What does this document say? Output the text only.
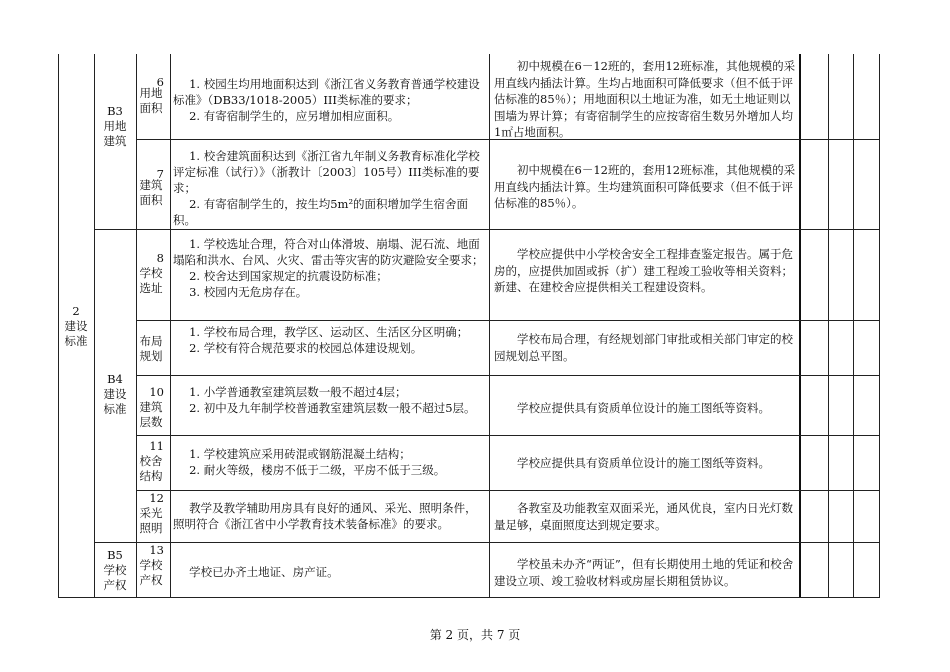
2
建设标准
B3
用地建筑
B4
建设标准
B5
学校产权
6
用地面积

1. 校园生均用地面积达到《浙江省义务教育普通学校建设标准》（DB33/1018-2005）III类标准的要求；

2. 有寄宿制学生的，应另增加相应面积。

初中规模在6－12班的，套用12班标准，其他规模的采用直线内插法计算。生均占地面积可降低要求（但不低于评估标准的85％）；用地面积以土地证为准，如无土地证则以围墙为界计算；有寄宿制学生的应按寄宿生数另外增加人均1㎡占地面积。
7
建筑面积

1. 校舍建筑面积达到《浙江省九年制义务教育标准化学校评定标准（试行）》（浙教计〔2003〕105号）III类标准的要求；

2. 有寄宿制学生的，按生均5m²的面积增加学生宿舍面积。

初中规模在6－12班的，套用12班标准，其他规模的采用直线内插法计算。生均建筑面积可降低要求（但不低于评估标准的85％）。
8
学校选址

1. 学校选址合理，符合对山体滑坡、崩塌、泥石流、地面塌陷和洪水、台风、火灾、雷击等灾害的防灾避险安全要求；

2. 校舍达到国家规定的抗震设防标准；

3. 校园内无危房存在。

学校应提供中小学校舍安全工程排查鉴定报告。属于危房的，应提供加固或拆（扩）建工程竣工验收等相关资料；新建、在建校舍应提供相关工程建设资料。
布局规划

1. 学校布局合理，教学区、运动区、生活区分区明确；

2. 学校有符合规范要求的校园总体建设规划。

学校布局合理，有经规划部门审批或相关部门审定的校园规划总平图。
10
建筑层数

1. 小学普通教室建筑层数一般不超过4层；

2. 初中及九年制学校普通教室建筑层数一般不超过5层。	学校应提供具有资质单位设计的施工图纸等资料。
11
校舍结构

1. 学校建筑应采用砖混或钢筋混凝土结构；

2. 耐火等级，楼房不低于二级，平房不低于三级。	学校应提供具有资质单位设计的施工图纸等资料。
12
采光照明

教学及教学辅助用房具有良好的通风、采光、照明条件，照明符合《浙江省中小学教育技术装备标准》的要求。

各教室及功能教室双面采光，通风优良，室内日光灯数量足够，桌面照度达到规定要求。
13
学校产权

学校已办齐土地证、房产证。

学校虽未办齐“两证”，但有长期使用土地的凭证和校舍建设立项、竣工验收材料或房屋长期租赁协议。
第 2 页，共 7 页
